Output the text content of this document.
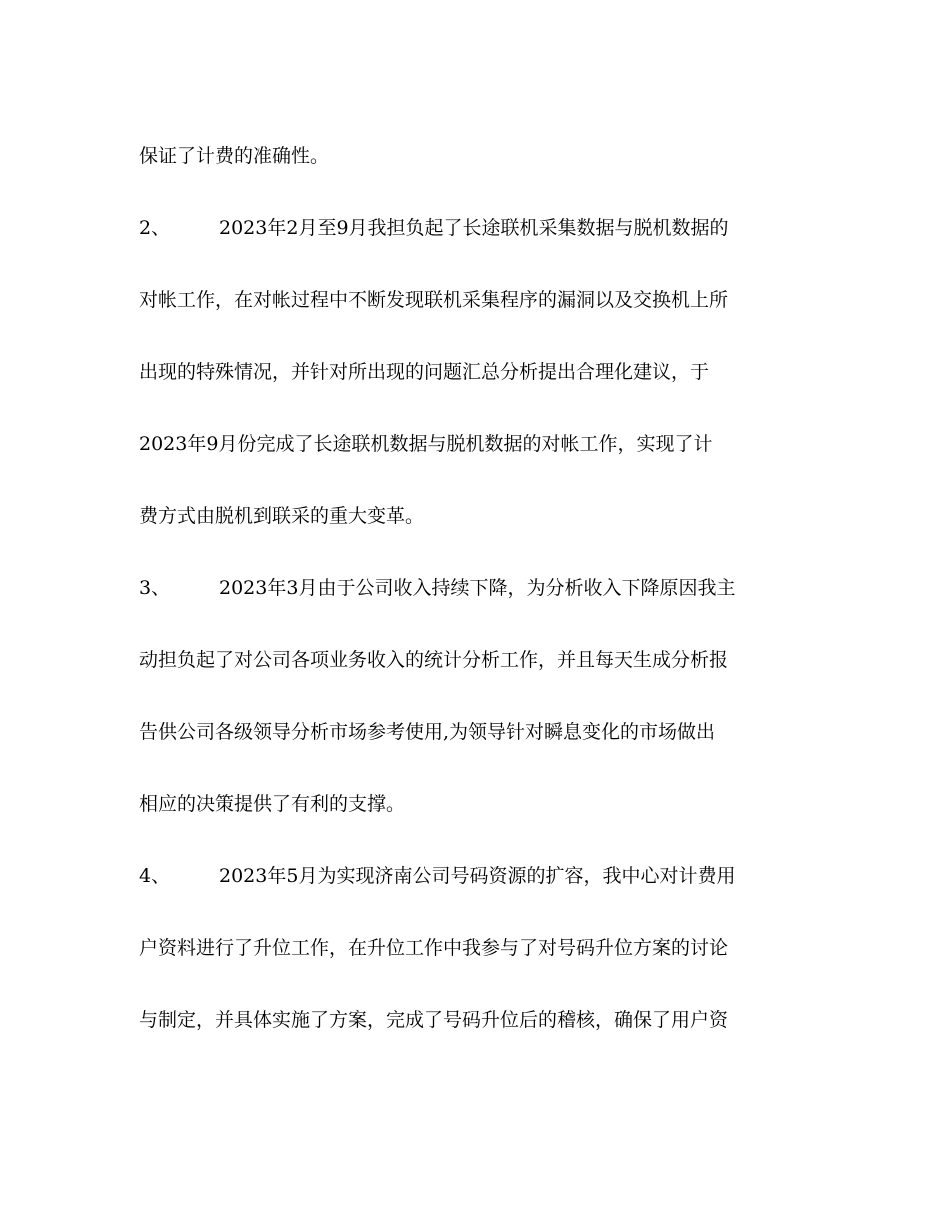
保证了计费的准确性。
2、	2023年2月至9月我担负起了长途联机采集数据与脱机数据的
对帐工作，在对帐过程中不断发现联机采集程序的漏洞以及交换机上所
出现的特殊情况，并针对所出现的问题汇总分析提出合理化建议，于
2023年9月份完成了长途联机数据与脱机数据的对帐工作，实现了计
费方式由脱机到联采的重大变革。
3、	2023年3月由于公司收入持续下降，为分析收入下降原因我主
动担负起了对公司各项业务收入的统计分析工作，并且每天生成分析报
告供公司各级领导分析市场参考使用,为领导针对瞬息变化的市场做出
相应的决策提供了有利的支撑。
4、	2023年5月为实现济南公司号码资源的扩容，我中心对计费用
户资料进行了升位工作，在升位工作中我参与了对号码升位方案的讨论
与制定，并具体实施了方案，完成了号码升位后的稽核，确保了用户资
